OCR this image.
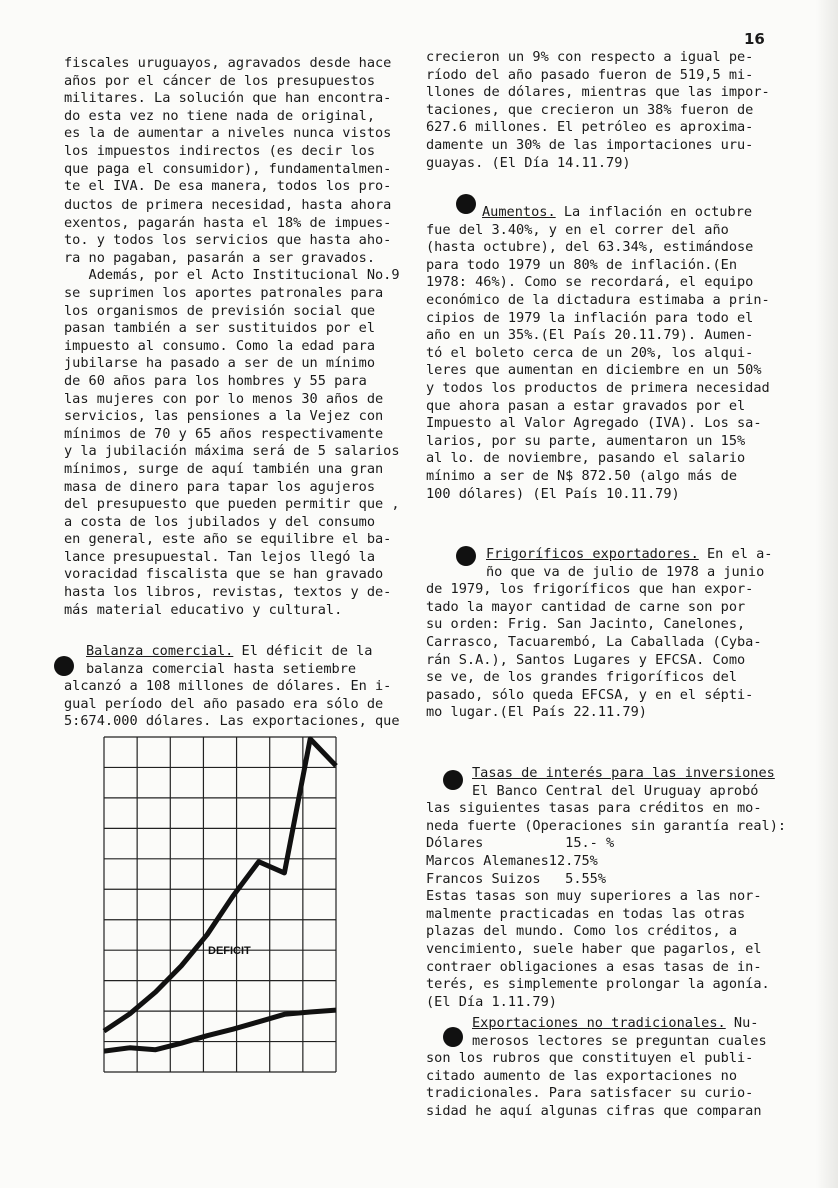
16
fiscales uruguayos, agravados desde hace
años por el cáncer de los presupuestos
militares. La solución que han encontra-
do esta vez no tiene nada de original,
es la de aumentar a niveles nunca vistos
los impuestos indirectos (es decir los
que paga el consumidor), fundamentalmen-
te el IVA. De esa manera, todos los pro-
ductos de primera necesidad, hasta ahora
exentos, pagarán hasta el 18% de impues-
to. y todos los servicios que hasta aho-
ra no pagaban, pasarán a ser gravados.
Además, por el Acto Institucional No.9
se suprimen los aportes patronales para
los organismos de previsión social que
pasan también a ser sustituidos por el
impuesto al consumo. Como la edad para
jubilarse ha pasado a ser de un mínimo
de 60 años para los hombres y 55 para
las mujeres con por lo menos 30 años de
servicios, las pensiones a la Vejez con
mínimos de 70 y 65 años respectivamente
y la jubilación máxima será de 5 salarios
mínimos, surge de aquí también una gran
masa de dinero para tapar los agujeros
del presupuesto que pueden permitir que ,
a costa de los jubilados y del consumo
en general, este año se equilibre el ba-
lance presupuestal. Tan lejos llegó la
voracidad fiscalista que se han gravado
hasta los libros, revistas, textos y de-
más material educativo y cultural.
Balanza comercial. El déficit de la
balanza comercial hasta setiembre
alcanzó a 108 millones de dólares. En i-
gual período del año pasado era sólo de
5:674.000 dólares. Las exportaciones, que
crecieron un 9% con respecto a igual pe-
ríodo del año pasado fueron de 519,5 mi-
llones de dólares, mientras que las impor-
taciones, que crecieron un 38% fueron de
627.6 millones. El petróleo es aproxima-
damente un 30% de las importaciones uru-
guayas. (El Día 14.11.79)
Aumentos. La inflación en octubre
fue del 3.40%, y en el correr del año
(hasta octubre), del 63.34%, estimándose
para todo 1979 un 80% de inflación.(En
1978: 46%). Como se recordará, el equipo
económico de la dictadura estimaba a prin-
cipios de 1979 la inflación para todo el
año en un 35%.(El País 20.11.79). Aumen-
tó el boleto cerca de un 20%, los alqui-
leres que aumentan en diciembre en un 50%
y todos los productos de primera necesidad
que ahora pasan a estar gravados por el
Impuesto al Valor Agregado (IVA). Los sa-
larios, por su parte, aumentaron un 15%
al lo. de noviembre, pasando el salario
mínimo a ser de N$ 872.50 (algo más de
100 dólares) (El País 10.11.79)
Frigoríficos exportadores. En el a-
ño que va de julio de 1978 a junio
de 1979, los frigoríficos que han expor-
tado la mayor cantidad de carne son por
su orden: Frig. San Jacinto, Canelones,
Carrasco, Tacuarembó, La Caballada (Cyba-
rán S.A.), Santos Lugares y EFCSA. Como
se ve, de los grandes frigoríficos del
pasado, sólo queda EFCSA, y en el sépti-
mo lugar.(El País 22.11.79)
Tasas de interés para las inversiones
El Banco Central del Uruguay aprobó
las siguientes tasas para créditos en mo-
neda fuerte (Operaciones sin garantía real):
Dólares          15.- %
Marcos Alemanes12.75%
Francos Suizos   5.55%
Estas tasas son muy superiores a las nor-
malmente practicadas en todas las otras
plazas del mundo. Como los créditos, a
vencimiento, suele haber que pagarlos, el
contraer obligaciones a esas tasas de in-
terés, es simplemente prolongar la agonía.
(El Día 1.11.79)
Exportaciones no tradicionales. Nu-
merosos lectores se preguntan cuales
son los rubros que constituyen el publi-
citado aumento de las exportaciones no
tradicionales. Para satisfacer su curio-
sidad he aquí algunas cifras que comparan
DEFICIT
